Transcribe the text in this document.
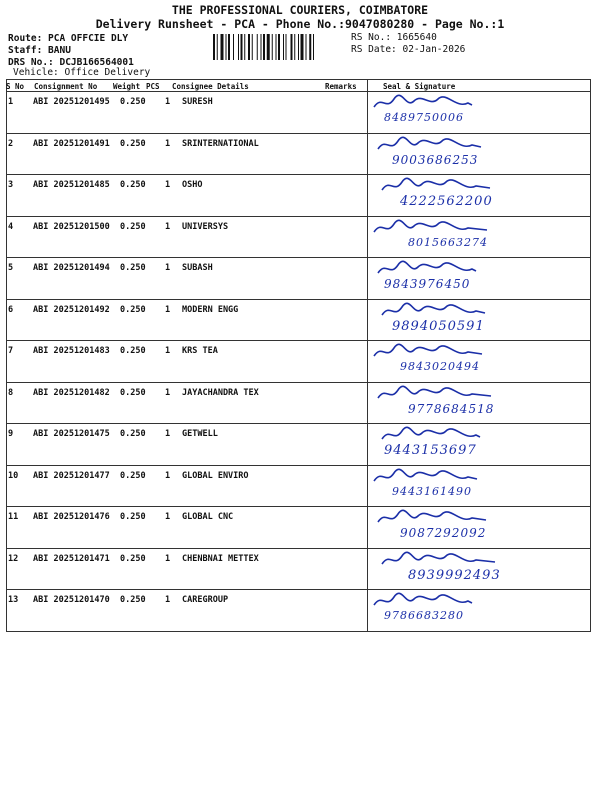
THE PROFESSIONAL COURIERS, COIMBATORE
Delivery Runsheet - PCA - Phone No.:9047080280 - Page No.:1
Route: PCA OFFCIE DLY
Staff: BANU
DRS No.: DCJB166564001
Vehicle: Office Delivery
RS No.: 1665640
RS Date: 02-Jan-2026
S No Consignment No Weight PCS Consignee Details	Remarks	Seal & Signature
1 ABI 20251201495 0.250 1 SURESH
8489750006
2 ABI 20251201491 0.250 1 SRINTERNATIONAL
9003686253
3 ABI 20251201485 0.250 1 OSHO
4222562200
4 ABI 20251201500 0.250 1 UNIVERSYS
8015663274
5 ABI 20251201494 0.250 1 SUBASH
9843976450
6 ABI 20251201492 0.250 1 MODERN ENGG
9894050591
7 ABI 20251201483 0.250 1 KRS TEA
9843020494
8 ABI 20251201482 0.250 1 JAYACHANDRA TEX
9778684518
9 ABI 20251201475 0.250 1 GETWELL
9443153697
10 ABI 20251201477 0.250 1 GLOBAL ENVIRO
9443161490
11 ABI 20251201476 0.250 1 GLOBAL CNC
9087292092
12 ABI 20251201471 0.250 1 CHENBNAI METTEX
8939992493
13 ABI 20251201470 0.250 1 CAREGROUP
9786683280
